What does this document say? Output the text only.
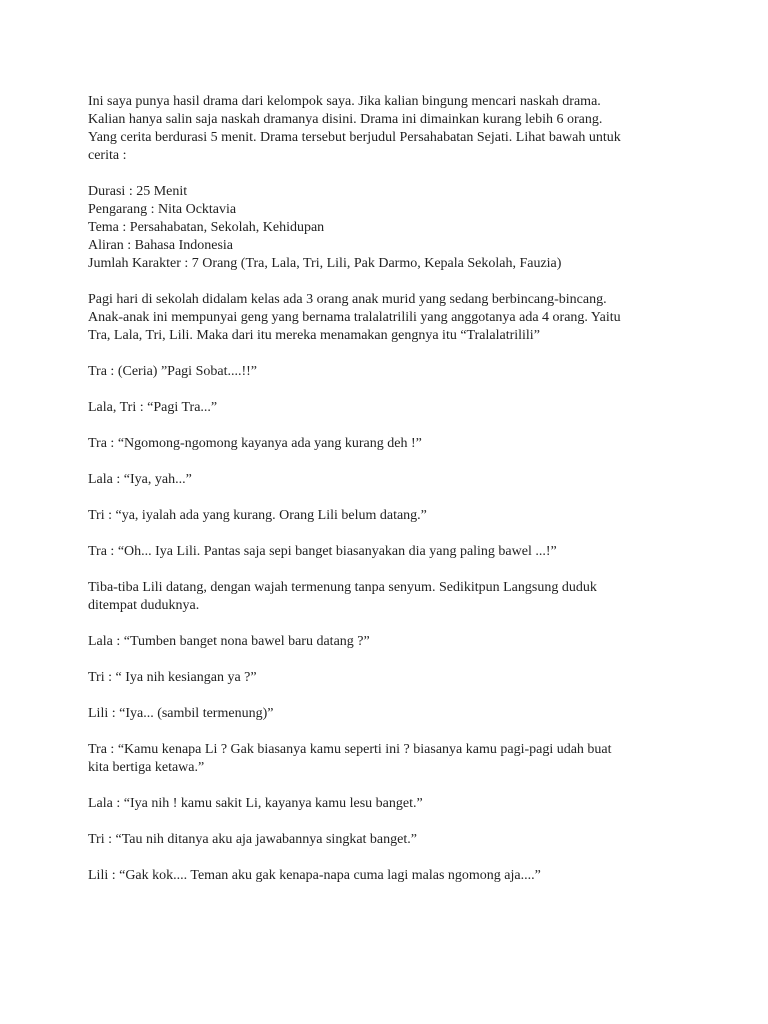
Ini saya punya hasil drama dari kelompok saya. Jika kalian bingung mencari naskah drama.
Kalian hanya salin saja naskah dramanya disini. Drama ini dimainkan kurang lebih 6 orang.
Yang cerita berdurasi 5 menit. Drama tersebut berjudul Persahabatan Sejati. Lihat bawah untuk
cerita :
Durasi : 25 Menit
Pengarang : Nita Ocktavia
Tema : Persahabatan, Sekolah, Kehidupan
Aliran : Bahasa Indonesia
Jumlah Karakter : 7 Orang (Tra, Lala, Tri, Lili, Pak Darmo, Kepala Sekolah, Fauzia)
Pagi hari di sekolah didalam kelas ada 3 orang anak murid yang sedang berbincang-bincang.
Anak-anak ini mempunyai geng yang bernama tralalatrilili yang anggotanya ada 4 orang. Yaitu
Tra, Lala, Tri, Lili. Maka dari itu mereka menamakan gengnya itu “Tralalatrilili”
Tra : (Ceria) ”Pagi Sobat....!!”
Lala, Tri : “Pagi Tra...”
Tra : “Ngomong-ngomong kayanya ada yang kurang deh !”
Lala : “Iya, yah...”
Tri : “ya, iyalah ada yang kurang. Orang Lili belum datang.”
Tra : “Oh... Iya Lili. Pantas saja sepi banget biasanyakan dia yang paling bawel ...!”
Tiba-tiba Lili datang, dengan wajah termenung tanpa senyum. Sedikitpun Langsung duduk
ditempat duduknya.
Lala : “Tumben banget nona bawel baru datang ?”
Tri : “ Iya nih kesiangan ya ?”
Lili : “Iya... (sambil termenung)”
Tra : “Kamu kenapa Li ? Gak biasanya kamu seperti ini ? biasanya kamu pagi-pagi udah buat
kita bertiga ketawa.”
Lala : “Iya nih ! kamu sakit Li, kayanya kamu lesu banget.”
Tri : “Tau nih ditanya aku aja jawabannya singkat banget.”
Lili : “Gak kok.... Teman aku gak kenapa-napa cuma lagi malas ngomong aja....”
